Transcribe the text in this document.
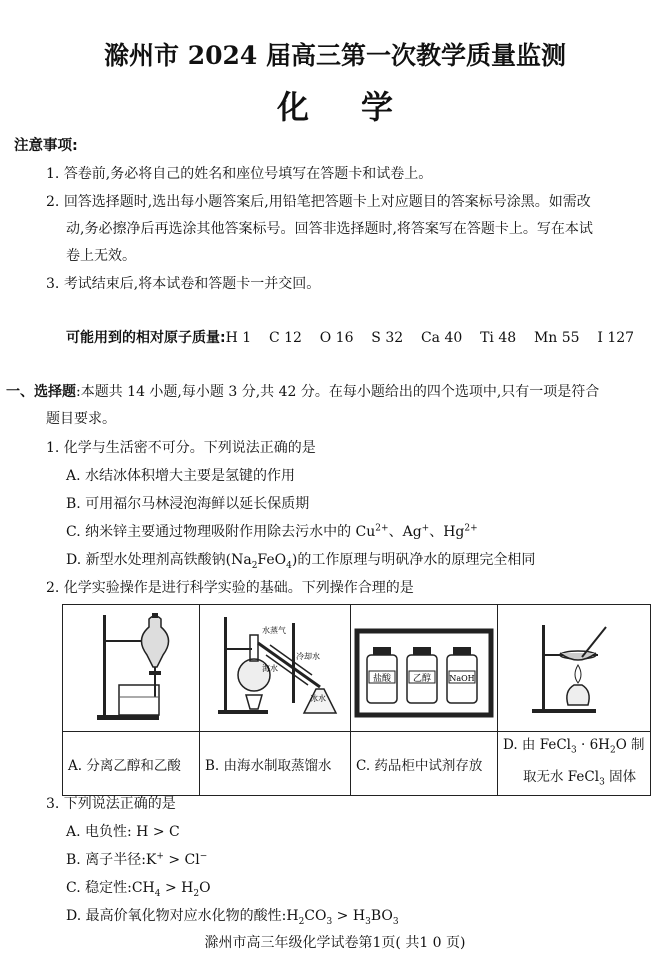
滁州市 2024 届高三第一次教学质量监测
化学
注意事项:
1. 答卷前,务必将自己的姓名和座位号填写在答题卡和试卷上。
2. 回答选择题时,选出每小题答案后,用铅笔把答题卡上对应题目的答案标号涂黑。如需改
动,务必擦净后再选涂其他答案标号。回答非选择题时,将答案写在答题卡上。写在本试
卷上无效。
3. 考试结束后,将本试卷和答题卡一并交回。
可能用到的相对原子质量:H 1    C 12    O 16    S 32    Ca 40    Ti 48    Mn 55    I 127
一、选择题:本题共 14 小题,每小题 3 分,共 42 分。在每小题给出的四个选项中,只有一项是符合
题目要求。
1. 化学与生活密不可分。下列说法正确的是
A. 水结冰体积增大主要是氢键的作用
B. 可用福尔马林浸泡海鲜以延长保质期
C. 纳米锌主要通过物理吸附作用除去污水中的 $Cu^{2+}$、Ag+、$Hg^{2+}$
D. 新型水处理剂高铁酸钠$(Na_2FeO_4)$的工作原理与明矾净水的原理完全相同
2. 化学实验操作是进行科学实验的基础。下列操作合理的是

水蒸气
海水
冷却水
冰水	盐酸 乙醇 NaOH

A. 分离乙醇和乙酸	B. 由海水制取蒸馏水	C. 药品柜中试剂存放	D. 由 FeCl$_3$ · $6H_2O$ 制
取无水 FeCl$_3$ 固体
3. 下列说法正确的是
A. 电负性: H > C
B. 离子半径:K+ > Cl−
C. 稳定性$:CH_4 > H_2O$
D. 最高价氧化物对应水化物的酸性$:H_2CO_3 > H_3BO_3$
滁州市高三年级化学试卷第1页( 共1 0 页)
